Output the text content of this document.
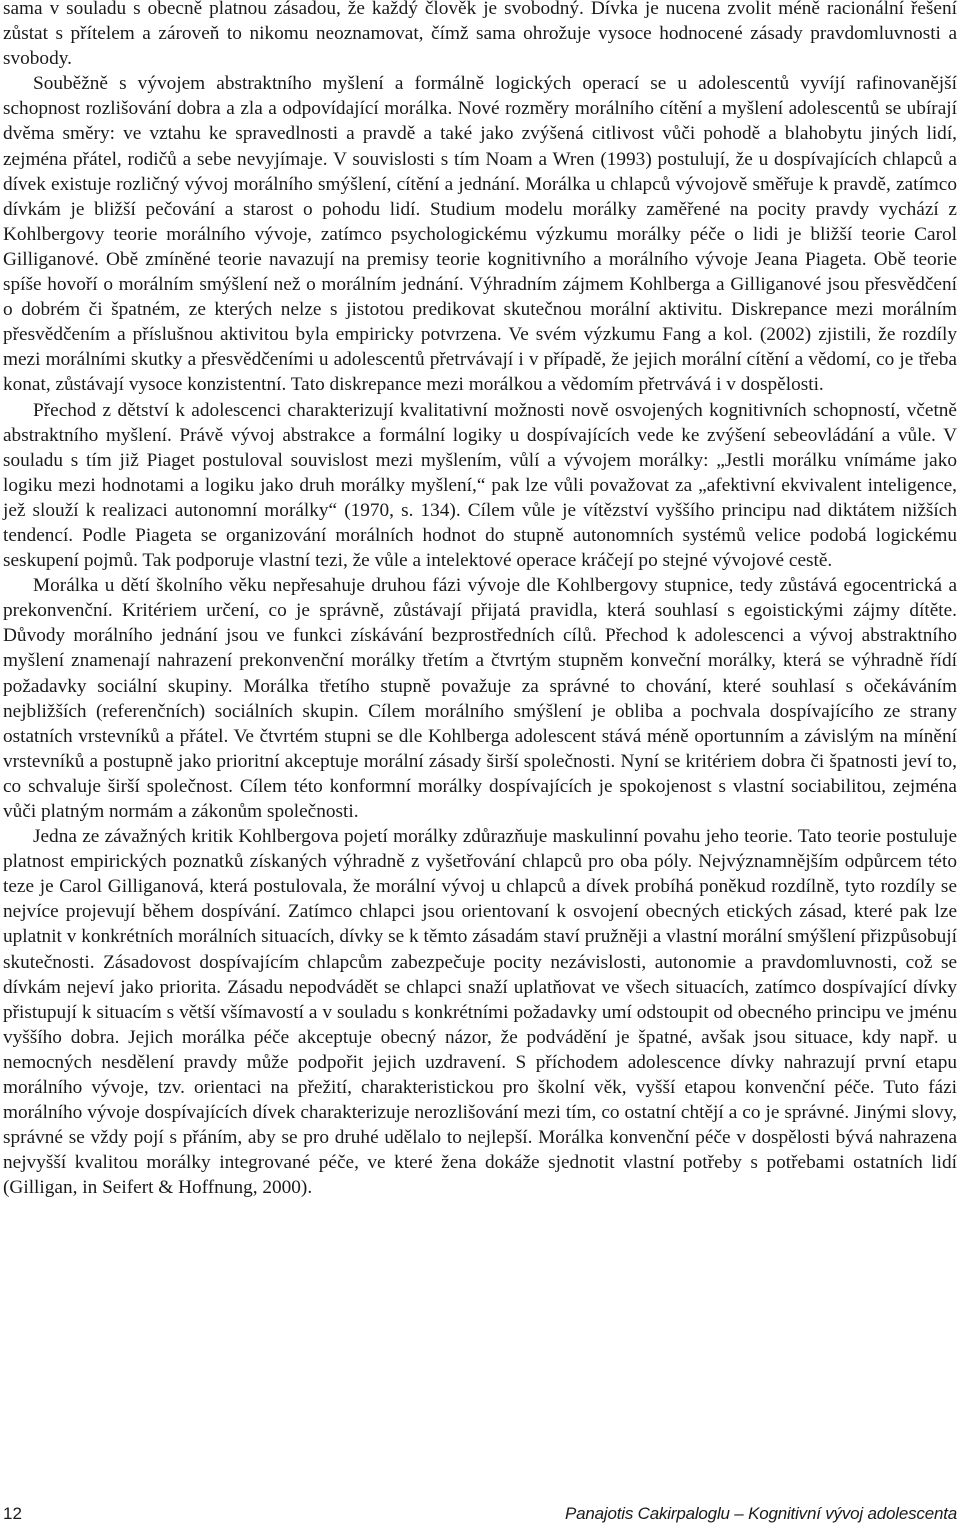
sama v souladu s obecně platnou zásadou, že každý člověk je svobodný. Dívka je nucena zvolit méně racionální řešení zůstat s přítelem a zároveň to nikomu neoznamovat, čímž sama ohrožuje vysoce hodnocené zásady pravdomluvnosti a svobody.

Souběžně s vývojem abstraktního myšlení a formálně logických operací se u adolescentů vyvíjí rafinovanější schopnost rozlišování dobra a zla a odpovídající morálka. Nové rozměry morálního cítění a myšlení adolescentů se ubírají dvěma směry: ve vztahu ke spravedlnosti a pravdě a také jako zvýšená citlivost vůči pohodě a blahobytu jiných lidí, zejména přátel, rodičů a sebe nevyjímaje. V souvislosti s tím Noam a Wren (1993) postulují, že u dospívajících chlapců a dívek existuje rozličný vývoj morálního smýšlení, cítění a jednání. Morálka u chlapců vývojově směřuje k pravdě, zatímco dívkám je bližší pečování a starost o pohodu lidí. Studium modelu morálky zaměřené na pocity pravdy vychází z Kohlbergovy teorie morálního vývoje, zatímco psychologickému výzkumu morálky péče o lidi je bližší teorie Carol Gilliganové. Obě zmíněné teorie navazují na premisy teorie kognitivního a morálního vývoje Jeana Piageta. Obě teorie spíše hovoří o morálním smýšlení než o morálním jednání. Výhradním zájmem Kohlberga a Gilliganové jsou přesvědčení o dobrém či špatném, ze kterých nelze s jistotou predikovat skutečnou morální aktivitu. Diskrepance mezi morálním přesvědčením a příslušnou aktivitou byla empiricky potvrzena. Ve svém výzkumu Fang a kol. (2002) zjistili, že rozdíly mezi morálními skutky a přesvědčeními u adolescentů přetrvávají i v případě, že jejich morální cítění a vědomí, co je třeba konat, zůstávají vysoce konzistentní. Tato diskrepance mezi morálkou a vědomím přetrvává i v dospělosti.

Přechod z dětství k adolescenci charakterizují kvalitativní možnosti nově osvojených kognitivních schopností, včetně abstraktního myšlení. Právě vývoj abstrakce a formální logiky u dospívajících vede ke zvýšení sebeovládání a vůle. V souladu s tím již Piaget postuloval souvislost mezi myšlením, vůlí a vývojem morálky: „Jestli morálku vnímáme jako logiku mezi hodnotami a logiku jako druh morálky myšlení,“ pak lze vůli považovat za „afektivní ekvivalent inteligence, jež slouží k realizaci autonomní morálky“ (1970, s. 134). Cílem vůle je vítězství vyššího principu nad diktátem nižších tendencí. Podle Piageta se organizování morálních hodnot do stupně autonomních systémů velice podobá logickému seskupení pojmů. Tak podporuje vlastní tezi, že vůle a intelektové operace kráčejí po stejné vývojové cestě.

Morálka u dětí školního věku nepřesahuje druhou fázi vývoje dle Kohlbergovy stupnice, tedy zůstává egocentrická a prekonvenční. Kritériem určení, co je správně, zůstávají přijatá pravidla, která souhlasí s egoistickými zájmy dítěte. Důvody morálního jednání jsou ve funkci získávání bezprostředních cílů. Přechod k adolescenci a vývoj abstraktního myšlení znamenají nahrazení prekonvenční morálky třetím a čtvrtým stupněm konveční morálky, která se výhradně řídí požadavky sociální skupiny. Morálka třetího stupně považuje za správné to chování, které souhlasí s očekáváním nejbližších (referenčních) sociálních skupin. Cílem morálního smýšlení je obliba a pochvala dospívajícího ze strany ostatních vrstevníků a přátel. Ve čtvrtém stupni se dle Kohlberga adolescent stává méně oportunním a závislým na mínění vrstevníků a postupně jako prioritní akceptuje morální zásady širší společnosti. Nyní se kritériem dobra či špatnosti jeví to, co schvaluje širší společnost. Cílem této konformní morálky dospívajících je spokojenost s vlastní sociabilitou, zejména vůči platným normám a zákonům společnosti.

Jedna ze závažných kritik Kohlbergova pojetí morálky zdůrazňuje maskulinní povahu jeho teorie. Tato teorie postuluje platnost empirických poznatků získaných výhradně z vyšetřování chlapců pro oba póly. Nejvýznamnějším odpůrcem této teze je Carol Gilliganová, která postulovala, že morální vývoj u chlapců a dívek probíhá poněkud rozdílně, tyto rozdíly se nejvíce projevují během dospívání. Zatímco chlapci jsou orientovaní k osvojení obecných etických zásad, které pak lze uplatnit v konkrétních morálních situacích, dívky se k těmto zásadám staví pružněji a vlastní morální smýšlení přizpůsobují skutečnosti. Zásadovost dospívajícím chlapcům zabezpečuje pocity nezávislosti, autonomie a pravdomluvnosti, což se dívkám nejeví jako priorita. Zásadu nepodvádět se chlapci snaží uplatňovat ve všech situacích, zatímco dospívající dívky přistupují k situacím s větší všímavostí a v souladu s konkrétními požadavky umí odstoupit od obecného principu ve jménu vyššího dobra. Jejich morálka péče akceptuje obecný názor, že podvádění je špatné, avšak jsou situace, kdy např. u nemocných nesdělení pravdy může podpořit jejich uzdravení. S příchodem adolescence dívky nahrazují první etapu morálního vývoje, tzv. orientaci na přežití, charakteristickou pro školní věk, vyšší etapou konvenční péče. Tuto fázi morálního vývoje dospívajících dívek charakterizuje nerozlišování mezi tím, co ostatní chtějí a co je správné. Jinými slovy, správné se vždy pojí s přáním, aby se pro druhé udělalo to nejlepší. Morálka konvenční péče v dospělosti bývá nahrazena nejvyšší kvalitou morálky integrované péče, ve které žena dokáže sjednotit vlastní potřeby s potřebami ostatních lidí (Gilligan, in Seifert & Hoffnung, 2000).

12	Panajotis Cakirpaloglu – Kognitivní vývoj adolescenta
